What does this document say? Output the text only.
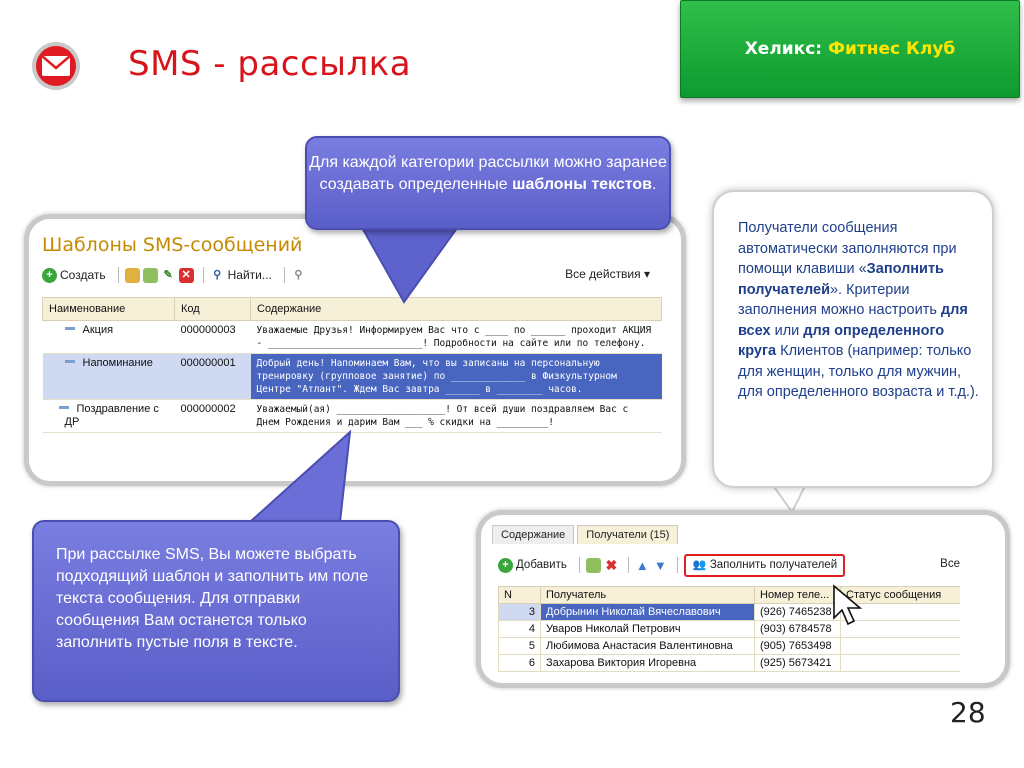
SMS - рассылка	Хеликс: Фитнес Клуб
Шаблоны SMS-сообщений
+ Создать	✎ ✕	⚲ Найти...	⚲	Все действия ▾
Наименование	Код	Содержание
Акция	000000003	Уважаемые Друзья! Информируем Вас что с ____ по ______ проходит АКЦИЯ - ___________________________! Подробности на сайте или по телефону.
Напоминание	000000001	Добрый день! Напоминаем Вам, что вы записаны на персональную тренировку (групповое занятие) по _____________ в Физкультурном Центре "Атлант". Ждем Вас завтра ______ в ________ часов.
Поздравление с ДР	000000002	Уважаемый(ая) ___________________! От всей души поздравляем Вас с Днем Рождения и дарим Вам ___ % скидки на _________!
Для каждой категории рассылки можно заранее создавать определенные шаблоны текстов.
При рассылке SMS, Вы можете выбрать подходящий шаблон и заполнить им поле текста сообщения. Для отправки сообщения Вам останется только заполнить пустые поля в тексте.
Получатели сообщения автоматически заполняются при помощи клавиши «Заполнить получателей». Критерии заполнения можно настроить для всех или для определенного круга Клиентов (например: только для женщин, только для мужчин, для определенного возраста и т.д.).
Содержание	Получатели (15)
+ Добавить	✖ ▲ ▼ 👥 Заполнить получателей	Все
N	Получатель	Номер теле...	Статус сообщения
3	Добрынин Николай Вячеславович	(926) 7465238	
4	Уваров Николай Петрович	(903) 6784578	
5	Любимова Анастасия Валентиновна	(905) 7653498	
6	Захарова Виктория Игоревна	(925) 5673421	
28
